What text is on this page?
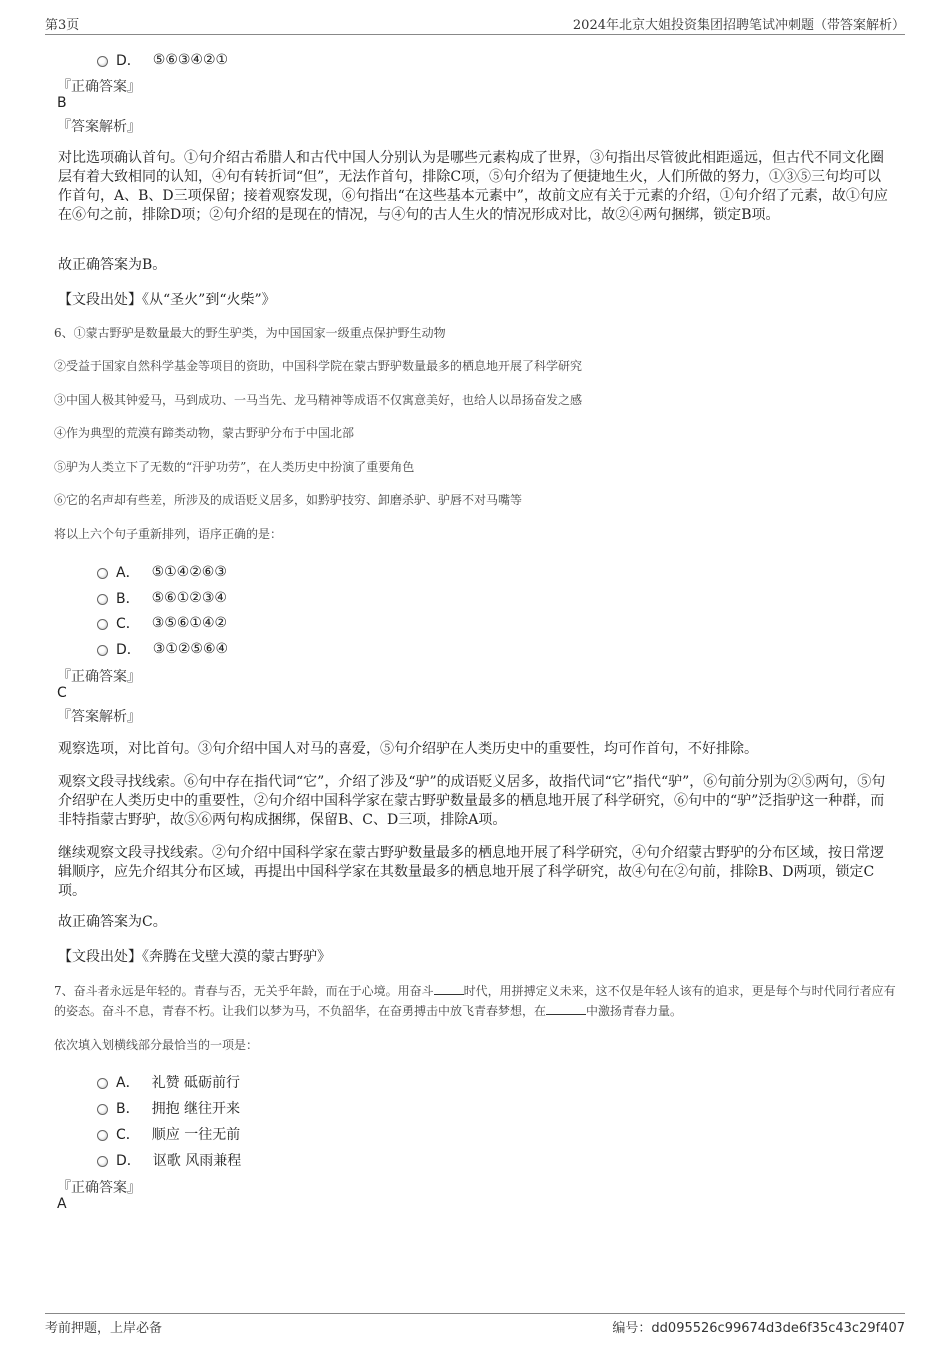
第3页	2024年北京大姐投资集团招聘笔试冲刺题（带答案解析）
D． ⑤⑥③④②①
『正确答案』
B
『答案解析』
对比选项确认首句。①句介绍古希腊人和古代中国人分别认为是哪些元素构成了世界，③句指出尽管彼此相距遥远，但古代不同文化圈层有着大致相同的认知，④句有转折词“但”，无法作首句，排除C项，⑤句介绍为了便捷地生火，人们所做的努力，①③⑤三句均可以作首句，A、B、D三项保留；接着观察发现，⑥句指出“在这些基本元素中”，故前文应有关于元素的介绍，①句介绍了元素，故①句应在⑥句之前，排除D项；②句介绍的是现在的情况，与④句的古人生火的情况形成对比，故②④两句捆绑，锁定B项。
故正确答案为B。
【文段出处】《从“圣火”到“火柴”》
6、①蒙古野驴是数量最大的野生驴类，为中国国家一级重点保护野生动物
②受益于国家自然科学基金等项目的资助，中国科学院在蒙古野驴数量最多的栖息地开展了科学研究
③中国人极其钟爱马，马到成功、一马当先、龙马精神等成语不仅寓意美好，也给人以昂扬奋发之感
④作为典型的荒漠有蹄类动物，蒙古野驴分布于中国北部
⑤驴为人类立下了无数的“汗驴功劳”，在人类历史中扮演了重要角色
⑥它的名声却有些差，所涉及的成语贬义居多，如黔驴技穷、卸磨杀驴、驴唇不对马嘴等
将以上六个句子重新排列，语序正确的是：
A． ⑤①④②⑥③
B． ⑤⑥①②③④
C． ③⑤⑥①④②
D． ③①②⑤⑥④
『正确答案』
C
『答案解析』
观察选项，对比首句。③句介绍中国人对马的喜爱，⑤句介绍驴在人类历史中的重要性，均可作首句，不好排除。
观察文段寻找线索。⑥句中存在指代词“它”，介绍了涉及“驴”的成语贬义居多，故指代词“它”指代“驴”，⑥句前分别为②⑤两句，⑤句介绍驴在人类历史中的重要性，②句介绍中国科学家在蒙古野驴数量最多的栖息地开展了科学研究，⑥句中的“驴”泛指驴这一种群，而非特指蒙古野驴，故⑤⑥两句构成捆绑，保留B、C、D三项，排除A项。
继续观察文段寻找线索。②句介绍中国科学家在蒙古野驴数量最多的栖息地开展了科学研究，④句介绍蒙古野驴的分布区域，按日常逻辑顺序，应先介绍其分布区域，再提出中国科学家在其数量最多的栖息地开展了科学研究，故④句在②句前，排除B、D两项，锁定C项。
故正确答案为C。
【文段出处】《奔腾在戈壁大漠的蒙古野驴》
7、奋斗者永远是年轻的。青春与否，无关乎年龄，而在于心境。用奋斗	时代，用拼搏定义未来，这不仅是年轻人该有的追求，更是每个与时代同行者应有的姿态。奋斗不息，青春不朽。让我们以梦为马，不负韶华，在奋勇搏击中放飞青春梦想，在	中激扬青春力量。
依次填入划横线部分最恰当的一项是：
A． 礼赞 砥砺前行
B． 拥抱 继往开来
C． 顺应 一往无前
D． 讴歌 风雨兼程
『正确答案』
A
考前押题，上岸必备	编号：dd095526c99674d3de6f35c43c29f407
